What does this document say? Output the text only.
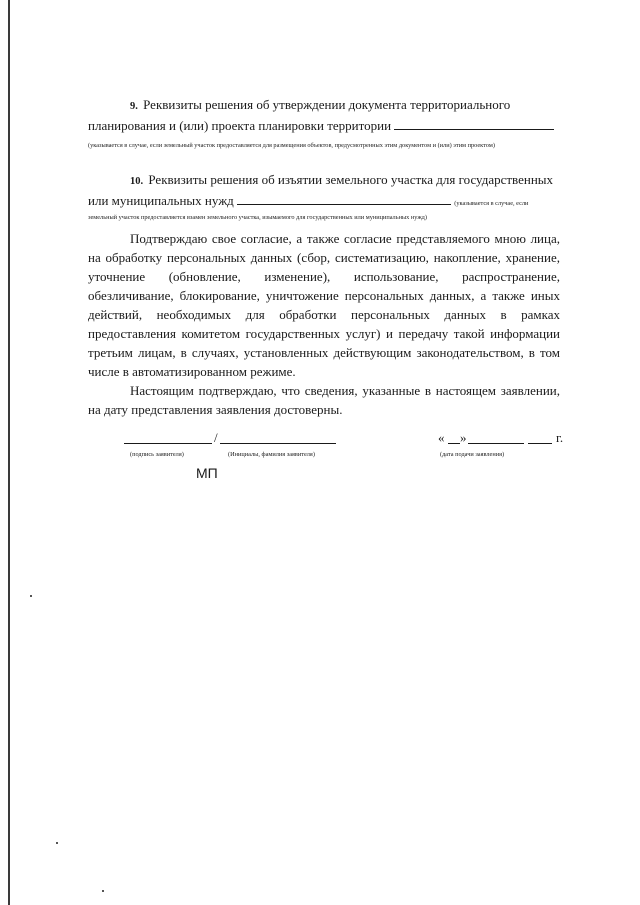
9. Реквизиты решения об утверждении документа территориального

планирования и (или) проекта планировки территории

(указывается в случае, если земельный участок предоставляется для размещения объектов, предусмотренных этим документом и (или) этим проектом)

10. Реквизиты решения об изъятии земельного участка для государственных

или муниципальных нужд	(указывается в случае, если

земельный участок предоставляется взамен земельного участка, изымаемого для государственных или муниципальных нужд)

Подтверждаю свое согласие, а также согласие представляемого мною лица, на обработку персональных данных (сбор, систематизацию, накопление, хранение, уточнение (обновление, изменение), использование, распространение, обезличивание, блокирование, уничтожение персональных данных, а также иных действий, необходимых для обработки персональных данных в рамках предоставления комитетом государственных услуг) и передачу такой информации третьим лицам, в случаях, установленных действующим законодательством, в том числе в автоматизированном режиме.

Настоящим подтверждаю, что сведения, указанные в настоящем заявлении, на дату представления заявления достоверны.

/
(подпись заявителя)	(Инициалы, фамилия заявителя)
« »	г.
(дата подачи заявления)
МП
